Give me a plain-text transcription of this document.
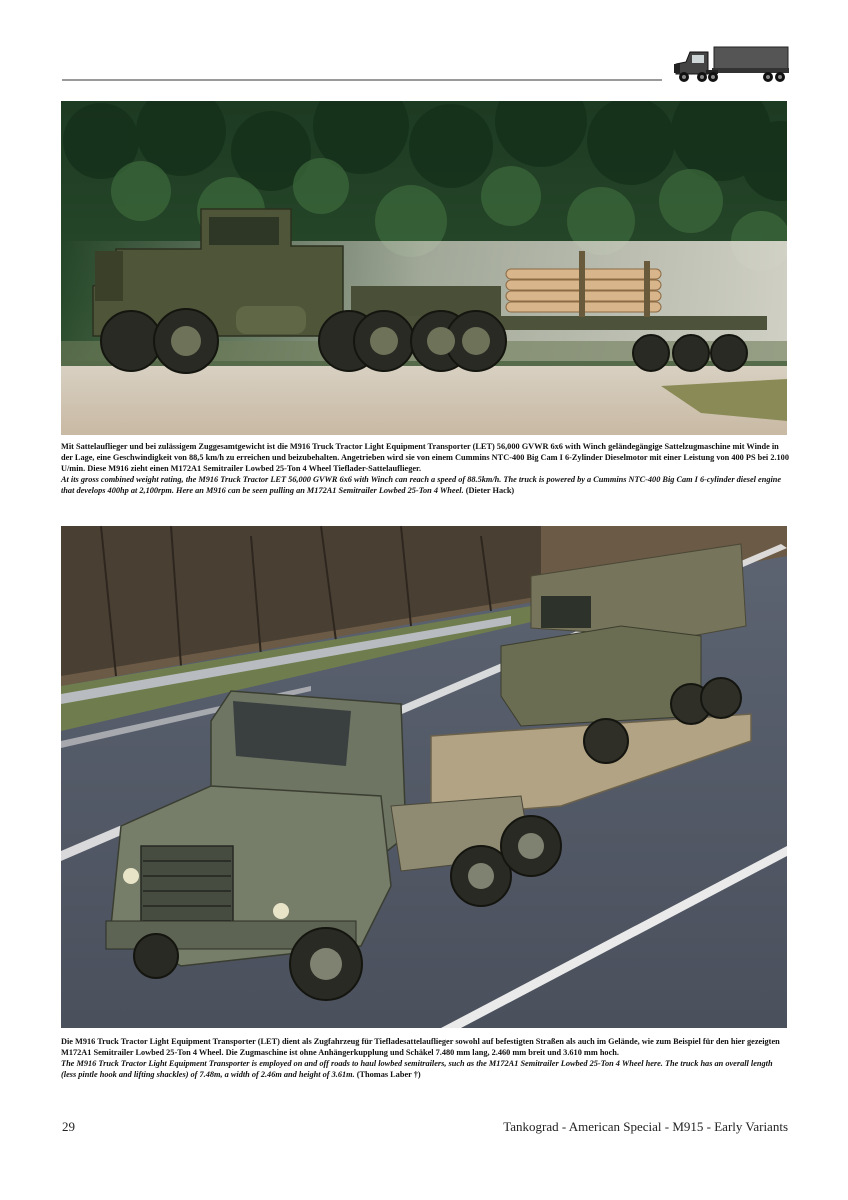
Mit Sattelauflieger und bei zulässigem Zuggesamtgewicht ist die M916 Truck Tractor Light Equipment Transporter (LET) 56,000 GVWR 6x6 with Winch geländegängige Sattelzugmaschine mit Winde in der Lage, eine Geschwindigkeit von 88,5 km/h zu erreichen und beizubehalten. Angetrieben wird sie von einem Cummins NTC-400 Big Cam I 6-Zylinder Dieselmotor mit einer Leistung von 400 PS bei 2.100 U/min. Diese M916 zieht einen M172A1 Semitrailer Lowbed 25-Ton 4 Wheel Tieflader-Sattelauflieger.

At its gross combined weight rating, the M916 Truck Tractor LET 56,000 GVWR 6x6 with Winch can reach a speed of 88.5km/h. The truck is powered by a Cummins NTC-400 Big Cam I 6-cylinder diesel engine that develops 400hp at 2,100rpm. Here an M916 can be seen pulling an M172A1 Semitrailer Lowbed 25-Ton 4 Wheel. (Dieter Hack)

Die M916 Truck Tractor Light Equipment Transporter (LET) dient als Zugfahrzeug für Tiefladesattelauflieger sowohl auf befestigten Straßen als auch im Gelände, wie zum Beispiel für den hier gezeigten M172A1 Semitrailer Lowbed 25-Ton 4 Wheel. Die Zugmaschine ist ohne Anhängerkupplung und Schäkel 7.480 mm lang, 2.460 mm breit und 3.610 mm hoch.

The M916 Truck Tractor Light Equipment Transporter is employed on and off roads to haul lowbed semitrailers, such as the M172A1 Semitrailer Lowbed 25-Ton 4 Wheel here. The truck has an overall length (less pintle hook and lifting shackles) of 7.48m, a width of 2.46m and height of 3.61m. (Thomas Laber †)

29	Tankograd - American Special - M915 - Early Variants
